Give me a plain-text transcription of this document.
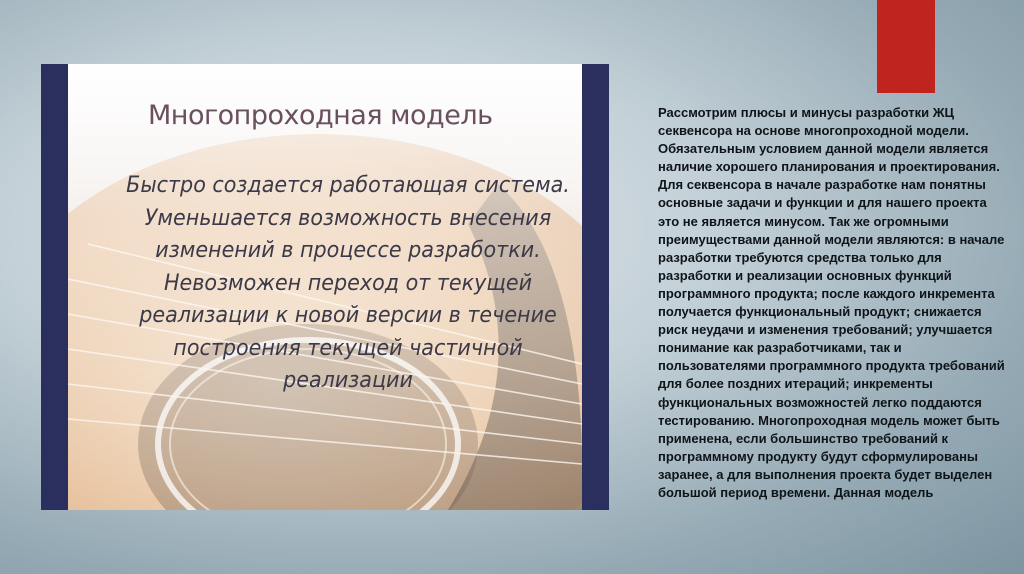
Многопроходная модель
Быстро создается работающая система.
Уменьшается возможность внесения
изменений в процессе разработки.
Невозможен переход от текущей
реализации к новой версии в течение
построения текущей частичной
реализации
Рассмотрим плюсы и минусы разработки ЖЦ секвенсора на основе многопроходной модели. Обязательным условием данной модели является наличие хорошего планирования и проектирования. Для секвенсора в начале разработке нам понятны основные задачи и функции и для нашего проекта это не является минусом. Так же огромными преимуществами данной модели являются: в начале разработки требуются средства только для разработки и реализации основных функций программного продукта; после каждого инкремента получается функциональный продукт; снижается риск неудачи и изменения требований; улучшается понимание как разработчиками, так и пользователями программного продукта требований для более поздних итераций; инкременты функциональных возможностей легко поддаются тестированию. Многопроходная модель может быть применена, если большинство требований к программному продукту будут сформулированы заранее, а для выполнения проекта будет выделен большой период времени. Данная модель
